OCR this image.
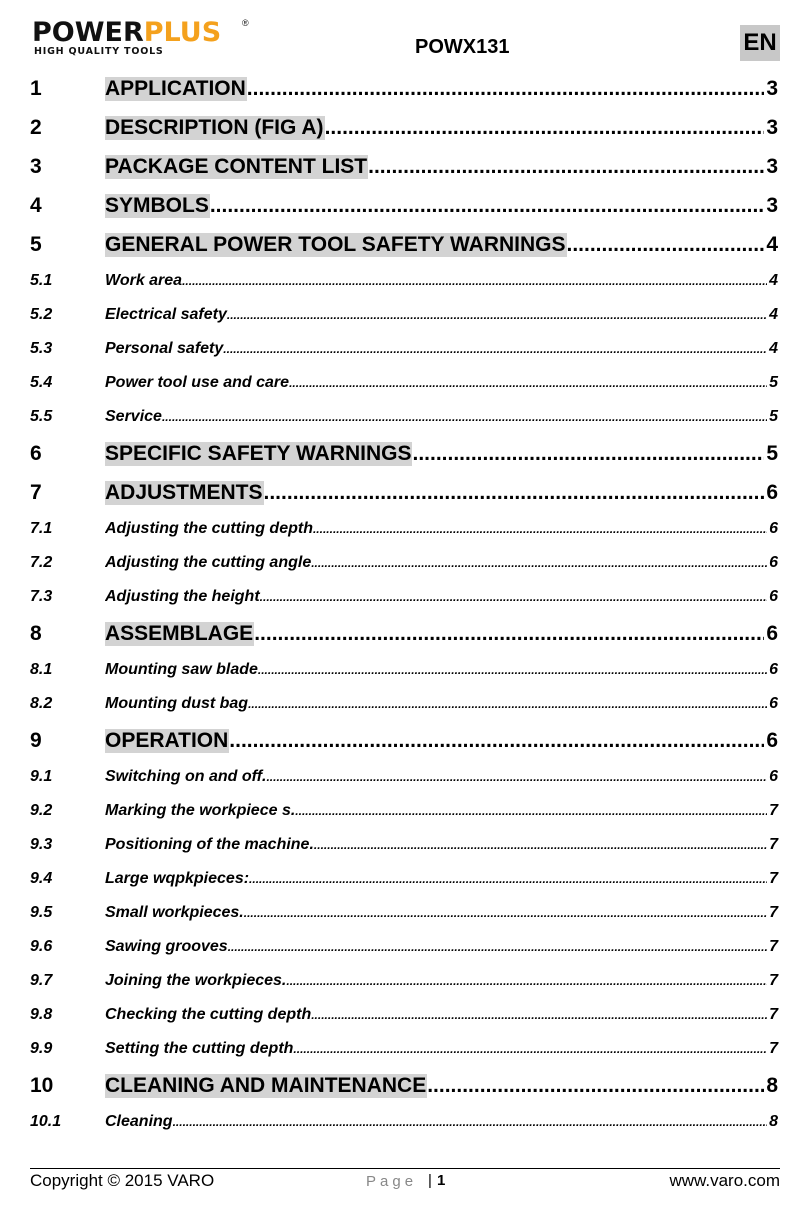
POWERPLUS ®
HIGH QUALITY TOOLS	POWX131	EN
1	APPLICATION .....	3
2	DESCRIPTION (FIG A) .....	3
3	PACKAGE CONTENT LIST .....	3
4	SYMBOLS .....	3
5	GENERAL POWER TOOL SAFETY WARNINGS .....	4
5.1	Work area .....	4
5.2	Electrical safety .....	4
5.3	Personal safety .....	4
5.4	Power tool use and care .....	5
5.5	Service .....	5
6	SPECIFIC SAFETY WARNINGS .....	5
7	ADJUSTMENTS .....	6
7.1	Adjusting the cutting depth .....	6
7.2	Adjusting the cutting angle .....	6
7.3	Adjusting the height .....	6
8	ASSEMBLAGE .....	6
8.1	Mounting saw blade .....	6
8.2	Mounting dust bag .....	6
9	OPERATION .....	6
9.1	Switching on and off. .....	6
9.2	Marking the workpiece s. .....	7
9.3	Positioning of the machine. .....	7
9.4	Large wqpkpieces: .....	7
9.5	Small workpieces. .....	7
9.6	Sawing grooves .....	7
9.7	Joining the workpieces. .....	7
9.8	Checking the cutting depth .....	7
9.9	Setting the cutting depth .....	7
10	CLEANING AND MAINTENANCE .....	8
10.1	Cleaning .....	8
Copyright © 2015 VARO	Page | 1	www.varo.com
